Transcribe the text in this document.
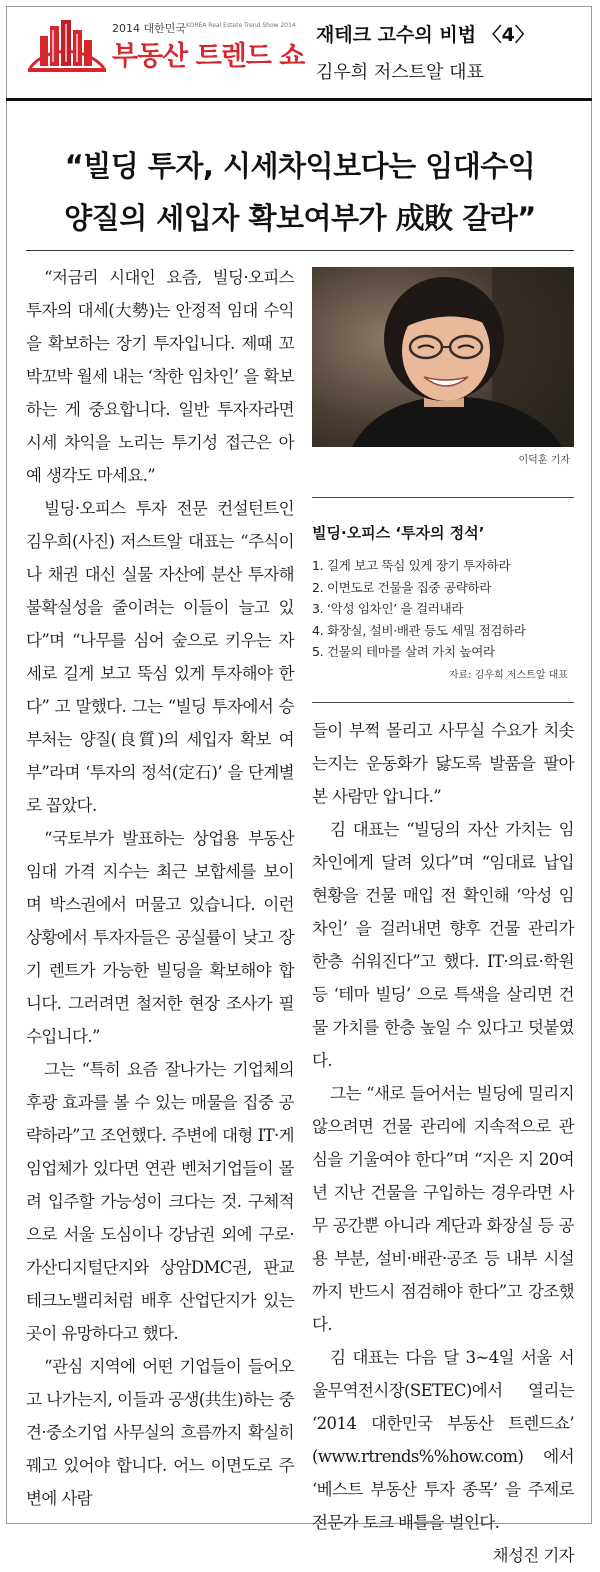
2014 대한민국 KOREA Real Estate Trend Show 2014
부동산 트렌드 쇼
재테크 고수의 비법 〈4〉
김우희 저스트알 대표
“빌딩 투자, 시세차익보다는 임대수익
양질의 세입자 확보여부가 成敗 갈라”

“저금리 시대인 요즘, 빌딩·오피스 투자의 대세(大勢)는 안정적 임대 수익을 확보하는 장기 투자입니다. 제때 꼬박꼬박 월세 내는 ‘착한 임차인’ 을 확보하는 게 중요합니다. 일반 투자자라면 시세 차익을 노리는 투기성 접근은 아예 생각도 마세요.”

빌딩·오피스 투자 전문 컨설턴트인 김우희(사진) 저스트알 대표는 “주식이나 채권 대신 실물 자산에 분산 투자해 불확실성을 줄이려는 이들이 늘고 있다”며 “나무를 심어 숲으로 키우는 자세로 길게 보고 뚝심 있게 투자해야 한다” 고 말했다. 그는 “빌딩 투자에서 승부처는 양질(良質)의 세입자 확보 여부”라며 ‘투자의 정석(定石)’ 을 단계별로 꼽았다.

“국토부가 발표하는 상업용 부동산 임대 가격 지수는 최근 보합세를 보이며 박스권에서 머물고 있습니다. 이런 상황에서 투자자들은 공실률이 낮고 장기 렌트가 가능한 빌딩을 확보해야 합니다. 그러려면 철저한 현장 조사가 필수입니다.”

그는 “특히 요즘 잘나가는 기업체의 후광 효과를 볼 수 있는 매물을 집중 공략하라”고 조언했다. 주변에 대형 IT·게임업체가 있다면 연관 벤처기업들이 몰려 입주할 가능성이 크다는 것. 구체적으로 서울 도심이나 강남권 외에 구로·가산디지털단지와 상암DMC권, 판교테크노밸리처럼 배후 산업단지가 있는 곳이 유망하다고 했다.

“관심 지역에 어떤 기업들이 들어오고 나가는지, 이들과 공생(共生)하는 중견·중소기업 사무실의 흐름까지 확실히 꿰고 있어야 합니다. 어느 이면도로 주변에 사람

이덕훈 기자
빌딩·오피스 ‘투자의 정석’
1. 길게 보고 뚝심 있게 장기 투자하라
2. 이면도로 건물을 집중 공략하라
3. ‘악성 임차인’ 을 걸러내라
4. 화장실, 설비·배관 등도 세밀 점검하라
5. 건물의 테마를 살려 가치 높여라
자료: 김우희 저스트알 대표

들이 부쩍 몰리고 사무실 수요가 치솟는지는 운동화가 닳도록 발품을 팔아본 사람만 압니다.”

김 대표는 “빌딩의 자산 가치는 임차인에게 달려 있다”며 “임대료 납입 현황을 건물 매입 전 확인해 ‘악성 임차인’ 을 걸러내면 향후 건물 관리가 한층 쉬워진다”고 했다. IT·의료·학원 등 ‘테마 빌딩’ 으로 특색을 살리면 건물 가치를 한층 높일 수 있다고 덧붙였다.

그는 “새로 들어서는 빌딩에 밀리지 않으려면 건물 관리에 지속적으로 관심을 기울여야 한다”며 “지은 지 20여년 지난 건물을 구입하는 경우라면 사무 공간뿐 아니라 계단과 화장실 등 공용 부분, 설비·배관·공조 등 내부 시설까지 반드시 점검해야 한다”고 강조했다.

김 대표는 다음 달 3~4일 서울 서울무역전시장(SETEC)에서 열리는 ‘2014 대한민국 부동산 트렌드쇼’ (www.rtrends%%how.com) 에서 ‘베스트 부동산 투자 종목’ 을 주제로 전문가 토크 배틀을 벌인다.

채성진 기자
